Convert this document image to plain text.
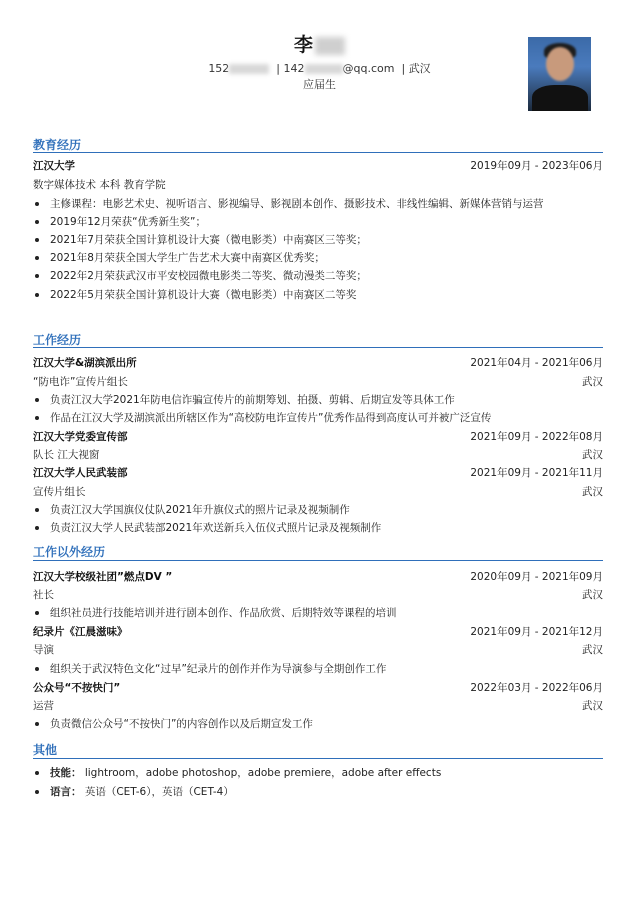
李
152	| 142	@qq.com  | 武汉
应届生
教育经历
江汉大学	2019年09月 - 2023年06月
数字媒体技术 本科 教育学院
主修课程：电影艺术史、视听语言、影视编导、影视剧本创作、摄影技术、非线性编辑、新媒体营销与运营
2019年12月荣获“优秀新生奖”；
2021年7月荣获全国计算机设计大赛（微电影类）中南赛区三等奖；
2021年8月荣获全国大学生广告艺术大赛中南赛区优秀奖；
2022年2月荣获武汉市平安校园微电影类二等奖、微动漫类二等奖；
2022年5月荣获全国计算机设计大赛（微电影类）中南赛区二等奖
工作经历
江汉大学&湖滨派出所	2021年04月 - 2021年06月
“防电诈”宣传片组长	武汉
负责江汉大学2021年防电信诈骗宣传片的前期筹划、拍摄、剪辑、后期宣发等具体工作
作品在江汉大学及湖滨派出所辖区作为“高校防电诈宣传片”优秀作品得到高度认可并被广泛宣传
江汉大学党委宣传部	2021年09月 - 2022年08月
队长 江大视窗	武汉
江汉大学人民武装部	2021年09月 - 2021年11月
宣传片组长	武汉
负责江汉大学国旗仪仗队2021年升旗仪式的照片记录及视频制作
负责江汉大学人民武装部2021年欢送新兵入伍仪式照片记录及视频制作
工作以外经历
江汉大学校级社团”燃点DV ”	2020年09月 - 2021年09月
社长	武汉
组织社员进行技能培训并进行剧本创作、作品欣赏、后期特效等课程的培训
纪录片《江晨滋味》	2021年09月 - 2021年12月
导演	武汉
组织关于武汉特色文化“过早”纪录片的创作并作为导演参与全期创作工作
公众号“不按快门”	2022年03月 - 2022年06月
运营	武汉
负责微信公众号“不按快门”的内容创作以及后期宣发工作
其他
技能： lightroom，adobe photoshop，adobe premiere，adobe after effects
语言： 英语（CET-6），英语（CET-4）
